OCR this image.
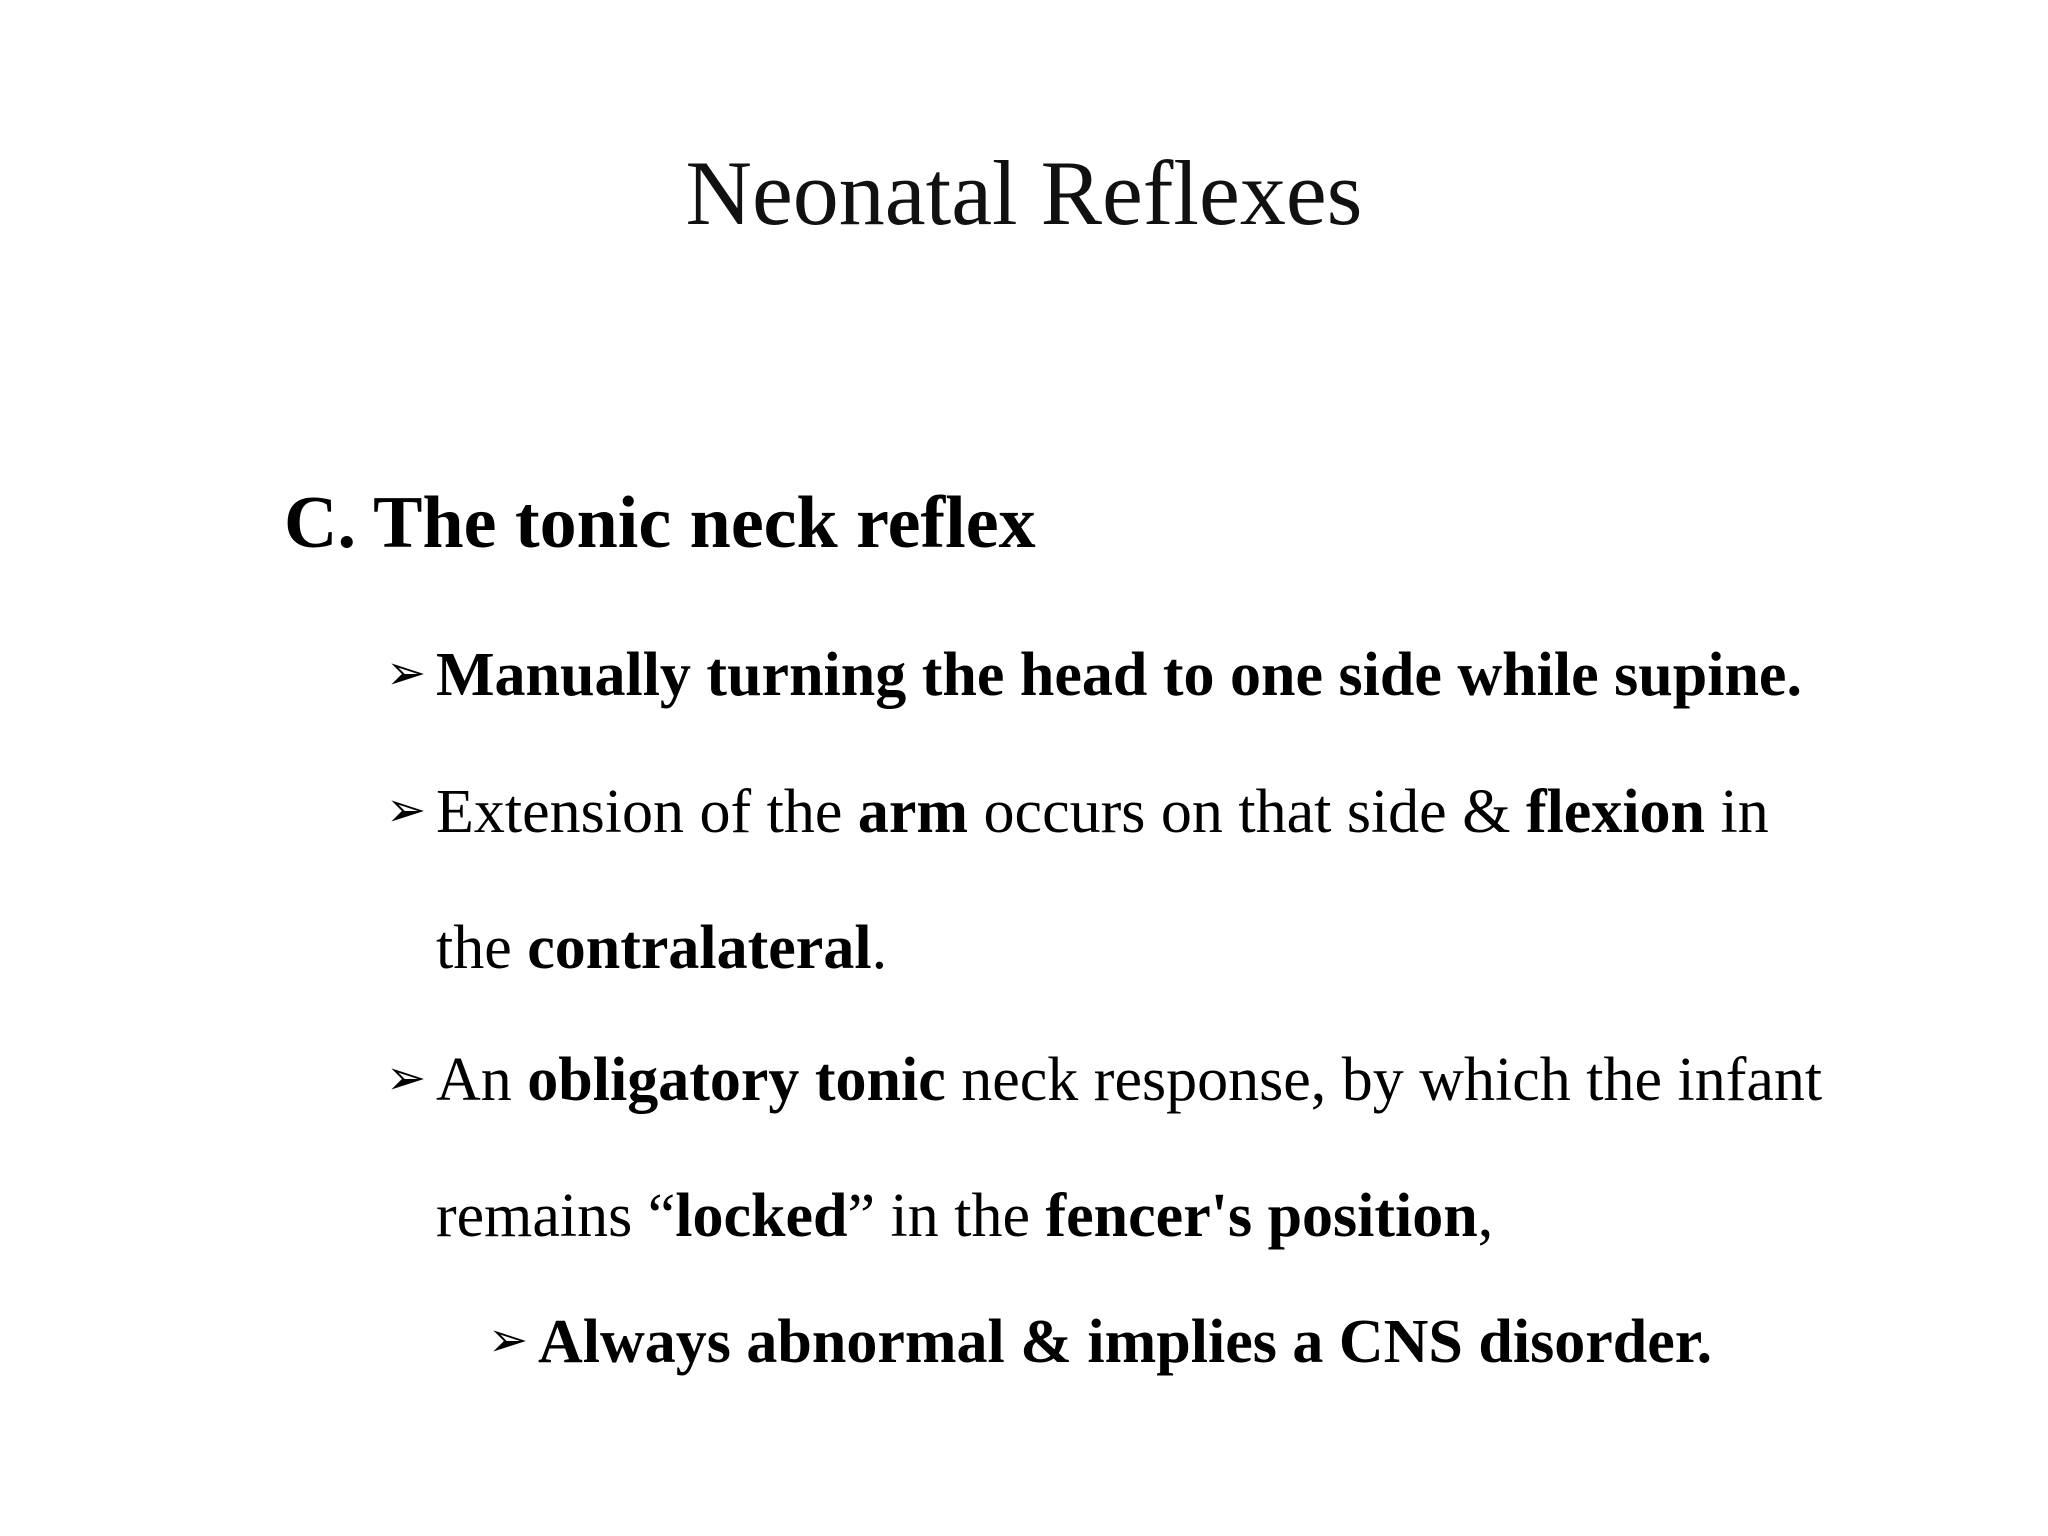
Neonatal Reflexes
C. The tonic neck reflex
➢ Manually turning the head to one side while supine.
➢ Extension of the arm occurs on that side & flexion in
the contralateral.
➢ An obligatory tonic neck response, by which the infant
remains “locked” in the fencer's position,
➢ Always abnormal & implies a CNS disorder.
